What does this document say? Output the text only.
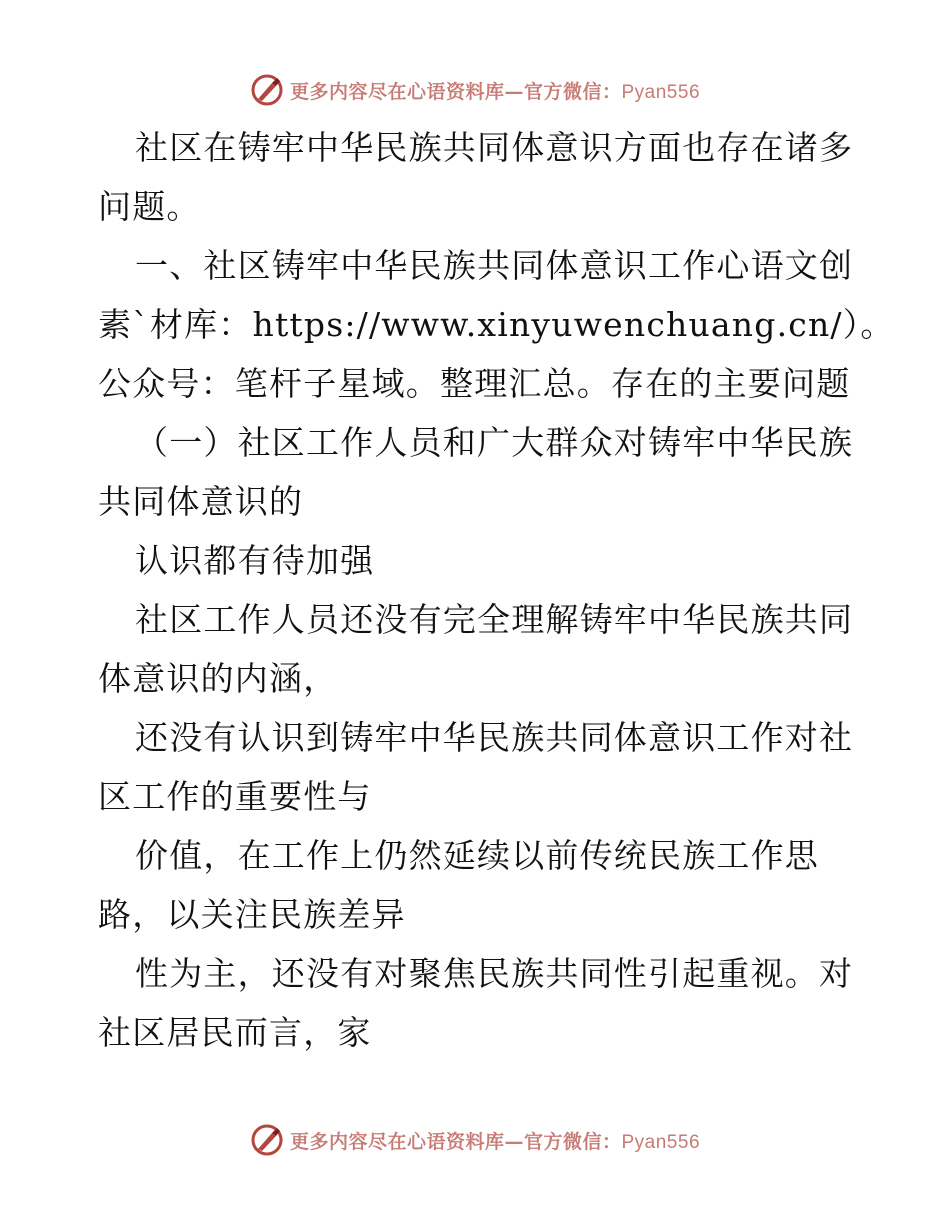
更多内容尽在心语资料库—官方微信：Pyan556
社区在铸牢中华民族共同体意识方面也存在诸多
问题。
一、社区铸牢中华民族共同体意识工作心语文创
素`材库：https://www.xinyuwenchuang.cn/）。
公众号：笔杆子星域。整理汇总。存在的主要问题
（一）社区工作人员和广大群众对铸牢中华民族
共同体意识的
认识都有待加强
社区工作人员还没有完全理解铸牢中华民族共同
体意识的内涵，
还没有认识到铸牢中华民族共同体意识工作对社
区工作的重要性与
价值，在工作上仍然延续以前传统民族工作思
路，以关注民族差异
性为主，还没有对聚焦民族共同性引起重视。对
社区居民而言，家
更多内容尽在心语资料库—官方微信：Pyan556
